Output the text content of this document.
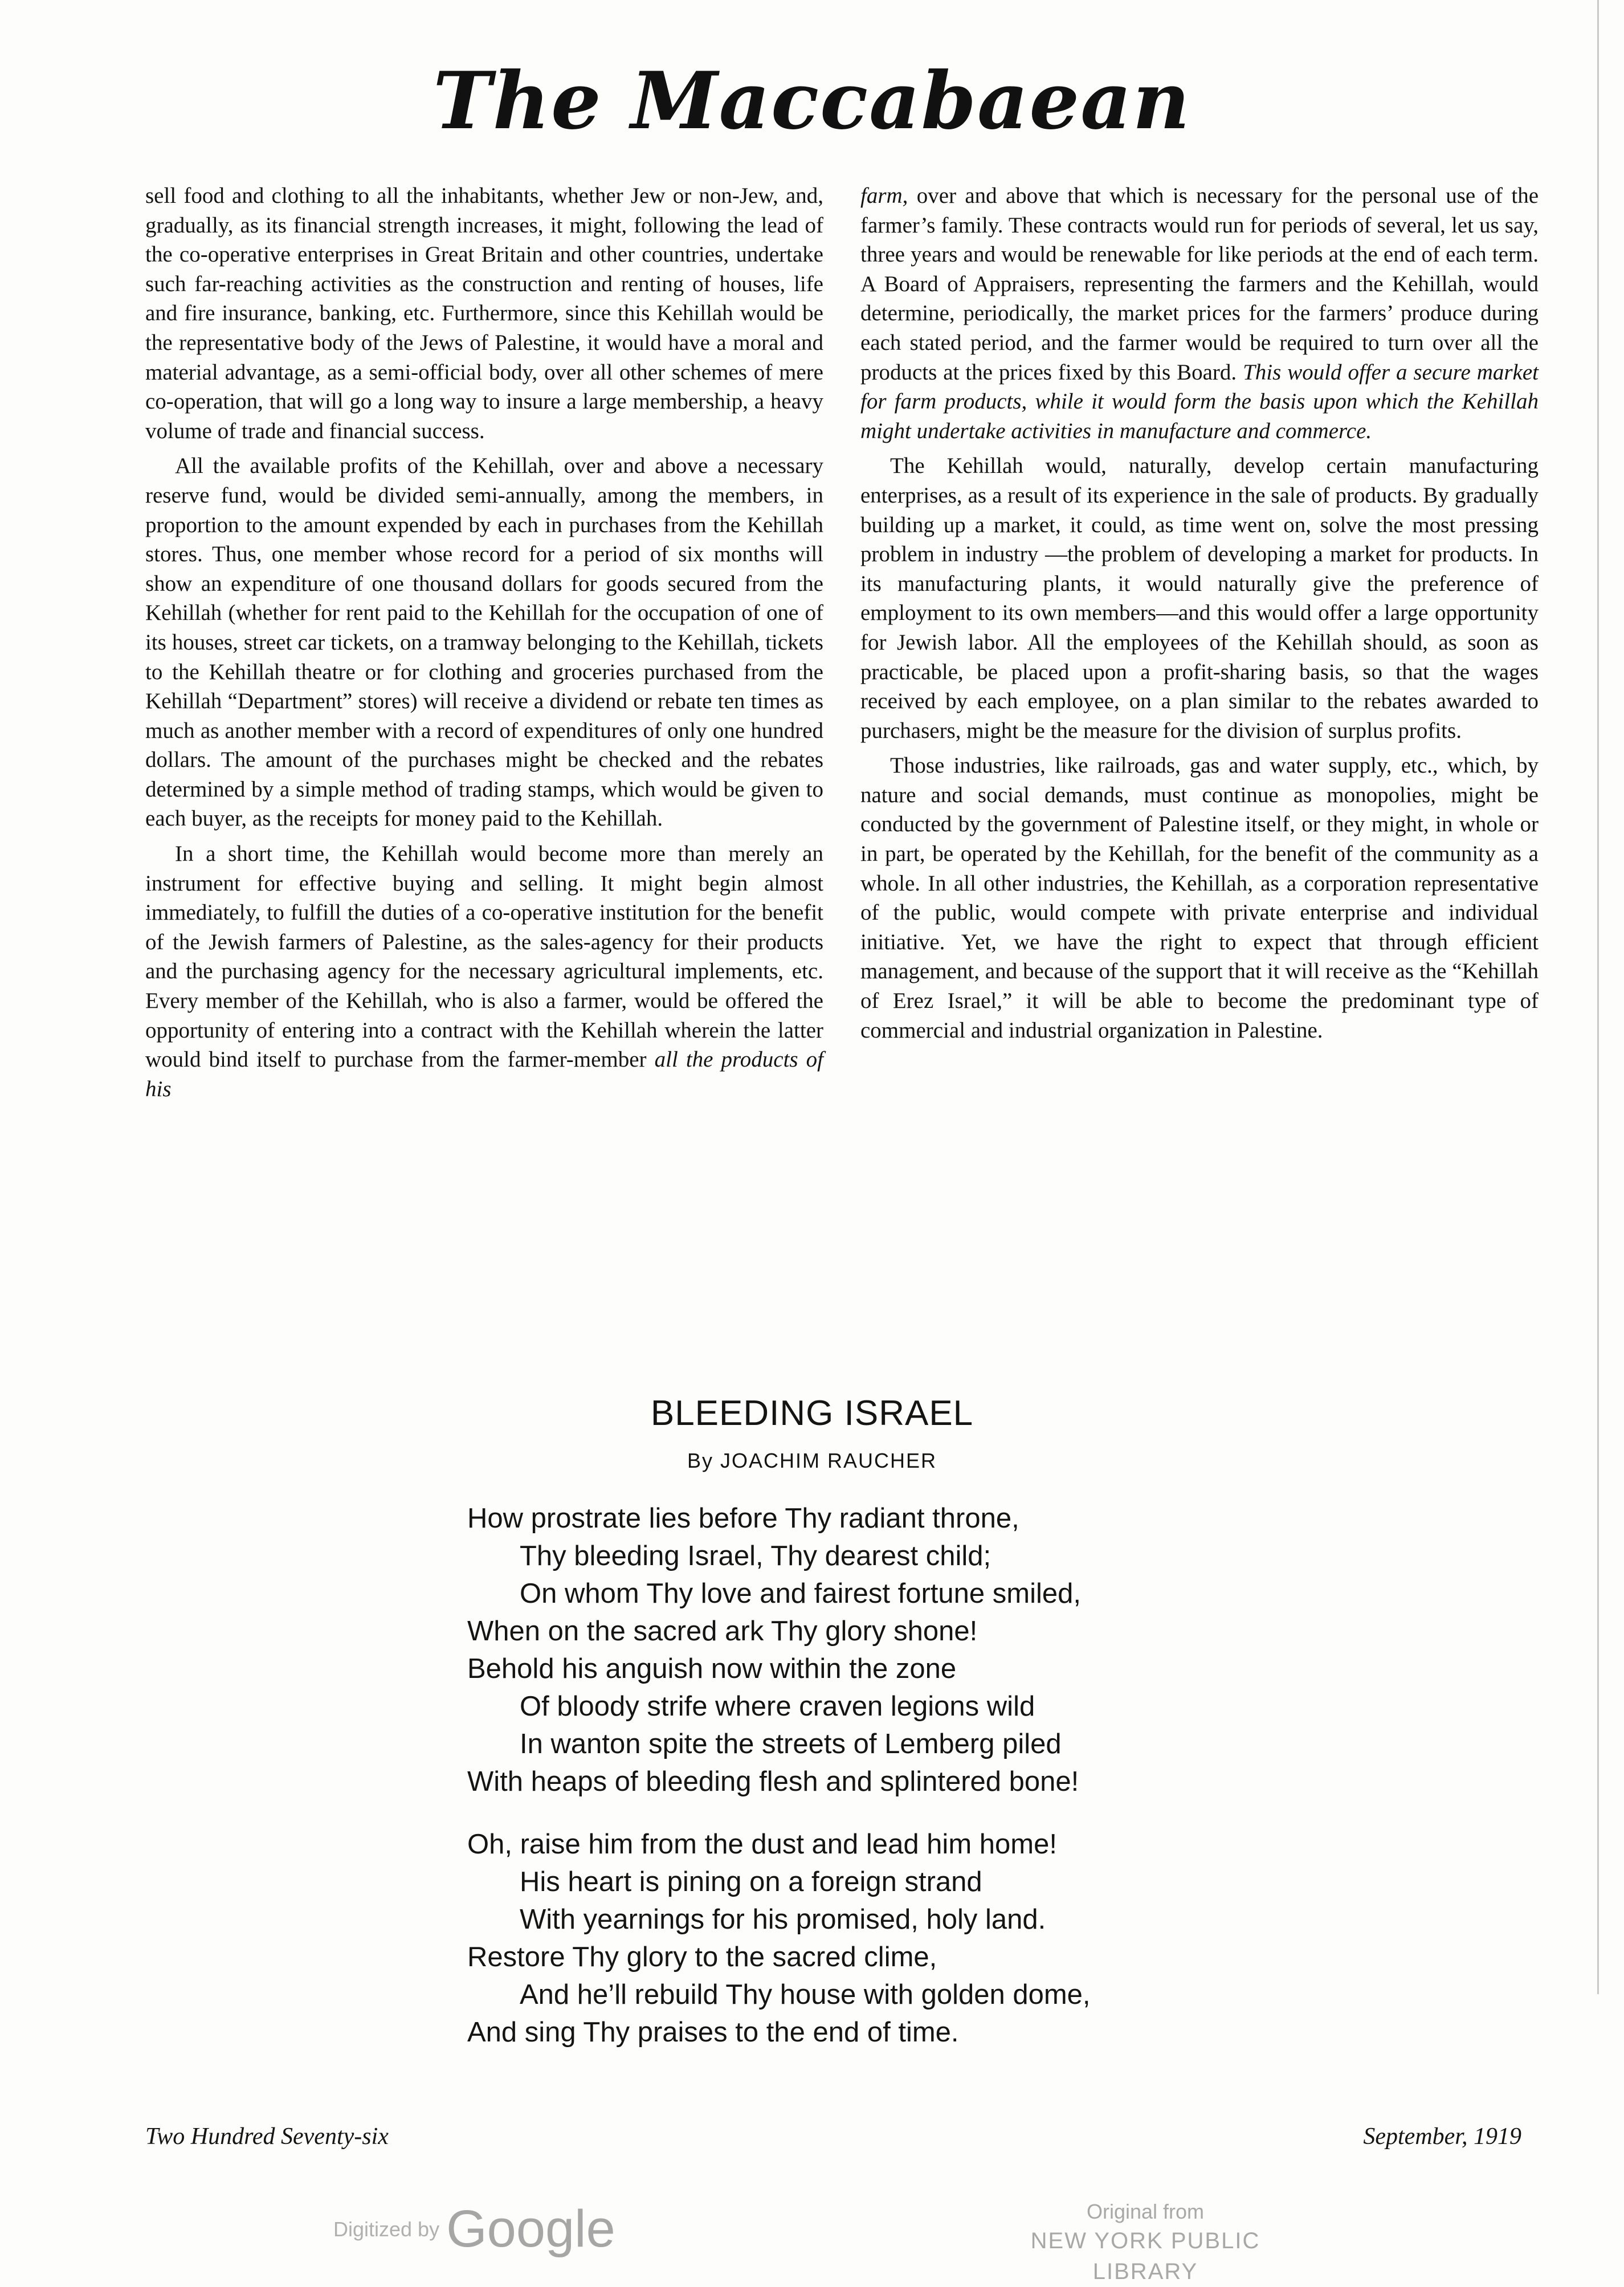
The Maccabaean

sell food and clothing to all the inhabitants, whether Jew or non-Jew, and, gradually, as its financial strength increases, it might, following the lead of the co-operative enterprises in Great Britain and other countries, undertake such far-reaching activities as the construction and renting of houses, life and fire insurance, banking, etc. Furthermore, since this Kehillah would be the representative body of the Jews of Palestine, it would have a moral and material advantage, as a semi-official body, over all other schemes of mere co-operation, that will go a long way to insure a large membership, a heavy volume of trade and financial success.

All the available profits of the Kehillah, over and above a necessary reserve fund, would be divided semi-annually, among the members, in proportion to the amount expended by each in purchases from the Kehillah stores. Thus, one member whose record for a period of six months will show an expenditure of one thousand dollars for goods secured from the Kehillah (whether for rent paid to the Kehillah for the occupation of one of its houses, street car tickets, on a tramway belonging to the Kehillah, tickets to the Kehillah theatre or for clothing and groceries purchased from the Kehillah “Department” stores) will receive a dividend or rebate ten times as much as another member with a record of expenditures of only one hundred dollars. The amount of the purchases might be checked and the rebates determined by a simple method of trading stamps, which would be given to each buyer, as the receipts for money paid to the Kehillah.

In a short time, the Kehillah would become more than merely an instrument for effective buying and selling. It might begin almost immediately, to fulfill the duties of a co-operative institution for the benefit of the Jewish farmers of Palestine, as the sales-agency for their products and the purchasing agency for the necessary agricultural implements, etc. Every member of the Kehillah, who is also a farmer, would be offered the opportunity of entering into a contract with the Kehillah wherein the latter would bind itself to purchase from the farmer-member all the products of his

farm, over and above that which is necessary for the personal use of the farmer’s family. These contracts would run for periods of several, let us say, three years and would be renewable for like periods at the end of each term. A Board of Appraisers, representing the farmers and the Kehillah, would determine, periodically, the market prices for the farmers’ produce during each stated period, and the farmer would be required to turn over all the products at the prices fixed by this Board. This would offer a secure market for farm products, while it would form the basis upon which the Kehillah might undertake activities in manufacture and commerce.

The Kehillah would, naturally, develop certain manufacturing enterprises, as a result of its experience in the sale of products. By gradually building up a market, it could, as time went on, solve the most pressing problem in industry —the problem of developing a market for products. In its manufacturing plants, it would naturally give the preference of employment to its own members—and this would offer a large opportunity for Jewish labor. All the employees of the Kehillah should, as soon as practicable, be placed upon a profit-sharing basis, so that the wages received by each employee, on a plan similar to the rebates awarded to purchasers, might be the measure for the division of surplus profits.

Those industries, like railroads, gas and water supply, etc., which, by nature and social demands, must continue as monopolies, might be conducted by the government of Palestine itself, or they might, in whole or in part, be operated by the Kehillah, for the benefit of the community as a whole. In all other industries, the Kehillah, as a corporation representative of the public, would compete with private enterprise and individual initiative. Yet, we have the right to expect that through efficient management, and because of the support that it will receive as the “Kehillah of Erez Israel,” it will be able to become the predominant type of commercial and industrial organization in Palestine.

BLEEDING ISRAEL
By JOACHIM RAUCHER
How prostrate lies before Thy radiant throne,
Thy bleeding Israel, Thy dearest child;
On whom Thy love and fairest fortune smiled,
When on the sacred ark Thy glory shone!
Behold his anguish now within the zone
Of bloody strife where craven legions wild
In wanton spite the streets of Lemberg piled
With heaps of bleeding flesh and splintered bone!
Oh, raise him from the dust and lead him home!
His heart is pining on a foreign strand
With yearnings for his promised, holy land.
Restore Thy glory to the sacred clime,
And he’ll rebuild Thy house with golden dome,
And sing Thy praises to the end of time.
Two Hundred Seventy-six	September, 1919
Digitized by Google	Original from
NEW YORK PUBLIC LIBRARY
